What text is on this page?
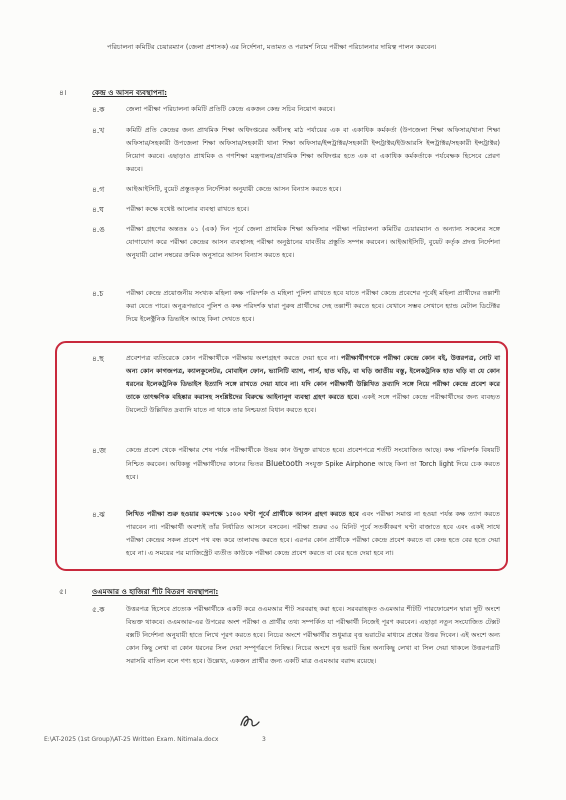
পরিচালনা কমিটির চেয়ারম্যান (জেলা প্রশাসক) এর নির্দেশনা, মতামত ও পরামর্শ নিয়ে পরীক্ষা পরিচালনার দায়িত্ব পালন করবেন।

৪।	কেন্দ্র ও আসন ব্যবস্থাপনা:
৪.ক	জেলা পরীক্ষা পরিচালনা কমিটি প্রতিটি কেন্দ্রে একজন কেন্দ্র সচিব নিয়োগ করবে।

৪.খ	কমিটি প্রতি কেন্দ্রের জন্য প্রাথমিক শিক্ষা অধিদপ্তরের অধীনস্থ মাঠ পর্যায়ের এক বা একাধিক কর্মকর্তা (উপজেলা শিক্ষা অফিসার/থানা শিক্ষা অফিসার/সহকারী উপজেলা শিক্ষা অফিসার/সহকারী থানা শিক্ষা অফিসার/ইন্সট্রাক্টর/সহকারী ইন্সট্রাক্টর/ইউআরসি ইন্সট্রাক্টর/সহকারী ইন্সট্রাক্টর) নিয়োগ করবে। এছাড়াও প্রাথমিক ও গণশিক্ষা মন্ত্রণালয়/প্রাথমিক শিক্ষা অধিদপ্তর হতে এক বা একাধিক কর্মকর্তাকে পর্যবেক্ষক হিসেবে প্রেরণ করবে।

৪.গ	আইআইসিটি, বুয়েট প্রস্তুতকৃত নির্দেশিকা অনুযায়ী কেন্দ্রে আসন বিন্যাস করতে হবে।

৪.ঘ	পরীক্ষা কক্ষে যথেষ্ট আলোর ব্যবস্থা রাখতে হবে।

৪.ঙ	পরীক্ষা গ্রহণের অন্ততঃ ০১ (এক) দিন পূর্বে জেলা প্রাথমিক শিক্ষা অফিসার পরীক্ষা পরিচালনা কমিটির চেয়ারম্যান ও অন্যান্য সকলের সঙ্গে যোগাযোগ করে পরীক্ষা কেন্দ্রের আসন ব্যবস্থাসহ পরীক্ষা অনুষ্ঠানের যাবতীয় প্রস্তুতি সম্পন্ন করবেন। আইআইসিটি, বুয়েট কর্তৃক প্রদত্ত নির্দেশনা অনুযায়ী রোল নম্বরের ক্রমিক অনুসারে আসন বিন্যাস করতে হবে।

৪.চ	পরীক্ষা কেন্দ্রে প্রয়োজনীয় সংখ্যক মহিলা কক্ষ পরিদর্শক ও মহিলা পুলিশ রাখতে হবে যাতে পরীক্ষা কেন্দ্রে প্রবেশের পূর্বেই মহিলা প্রার্থীদের তল্লাশী করা যেতে পারে। অনুরূপভাবে পুলিশ ও কক্ষ পরিদর্শক দ্বারা পুরুষ প্রার্থীদের দেহ তল্লাশী করতে হবে। যেখানে সম্ভব সেখানে হ্যান্ড মেটাল ডিটেক্টর দিয়ে ইলেক্ট্রনিক ডিভাইস আছে কিনা দেখতে হবে।

৪.ছ	প্রবেশপত্র ব্যতিরেকে কোন পরীক্ষার্থীকে পরীক্ষায় অংশগ্রহণ করতে দেয়া হবে না। পরীক্ষার্থীগণকে পরীক্ষা কেন্দ্রে কোন বই, উত্তরপত্র, নোট বা অন্য কোন কাগজপত্র, ক্যালকুলেটর, মোবাইল ফোন, ভ্যানিটি ব্যাগ, পার্স, হাত ঘড়ি, বা ঘড়ি জাতীয় বস্তু, ইলেকট্রনিক হাত ঘড়ি বা যে কোন ধরনের ইলেকট্রনিক ডিভাইস ইত্যাদি সঙ্গে রাখতে দেয়া যাবে না। যদি কোন পরীক্ষার্থী উল্লিখিত দ্রব্যাদি সঙ্গে নিয়ে পরীক্ষা কেন্দ্রে প্রবেশ করে তাকে তাৎক্ষণিক বহিষ্কার করাসহ সংশ্লিষ্টদের বিরুদ্ধে আইনানুগ ব্যবস্থা গ্রহণ করতে হবে। একই সঙ্গে পরীক্ষা কেন্দ্রে পরীক্ষার্থীদের জন্য ব্যবহৃত টয়লেটে উল্লিখিত দ্রব্যাদি যাতে না থাকে তার নিশ্চয়তা বিধান করতে হবে।

৪.জ	কেন্দ্রে প্রবেশ থেকে পরীক্ষার শেষ পর্যন্ত পরীক্ষার্থীকে উভয় কান উন্মুক্ত রাখতে হবে। প্রবেশপত্রে শর্তটি সংযোজিত আছে। কক্ষ পরিদর্শক বিষয়টি নিশ্চিত করবেন। অধিকন্তু পরীক্ষার্থীদের কানের ভিতর Bluetooth সংযুক্ত Spike Airphone আছে কিনা তা Torch light দিয়ে চেক করতে হবে।

৪.ঝ	লিখিত পরীক্ষা শুরু হওয়ার কমপক্ষে ১:০০ ঘণ্টা পূর্বে প্রার্থীকে আসন গ্রহণ করতে হবে এবং পরীক্ষা সমাপ্ত না হওয়া পর্যন্ত কক্ষ ত্যাগ করতে পারবেন না। পরীক্ষার্থী অবশ্যই তাঁর নির্ধারিত আসনে বসবেন। পরীক্ষা শুরুর ৩০ মিনিট পূর্বে সতর্কীকরণ ঘণ্টা বাজাতে হবে এবং একই সাথে পরীক্ষা কেন্দ্রের সকল প্রবেশ পথ বন্ধ করে তালাবদ্ধ করতে হবে। এরপর কোন প্রার্থীকে পরীক্ষা কেন্দ্রে প্রবেশ করতে বা কেন্দ্র হতে বের হতে দেয়া হবে না। এ সময়ের পর ম্যাজিস্ট্রেট ব্যতীত কাউকে পরীক্ষা কেন্দ্রে প্রবেশ করতে বা বের হতে দেয়া হবে না।

৫।	ওএমআর ও হাজিরা শীট বিতরণ ব্যবস্থাপনা:
৫.ক	উত্তরপত্র হিসেবে প্রত্যেক পরীক্ষার্থীকে একটি করে ওএমআর শীট সরবরাহ করা হবে। সরবরাহকৃত ওএমআর শীটটি পারফোরেশন দ্বারা দুটি অংশে বিভক্ত থাকবে। ওএমআর-এর উপরের অংশ পরীক্ষা ও প্রার্থীর তথ্য সম্পর্কিত যা পরীক্ষার্থী নিজেই পূরণ করবেন। এছাড়া নতুন সংযোজিত টেক্সট বক্সটি নির্দেশনা অনুযায়ী হাতে লিখে পূরণ করতে হবে। নিচের অংশে পরীক্ষার্থীর শুধুমাত্র বৃত্ত ভরাটের মাধ্যমে প্রশ্নের উত্তর দিবেন। এই অংশে অন্য কোন কিছু লেখা বা কোন ধরনের সিল দেয়া সম্পূর্ণরূপে নিষিদ্ধ। নিচের অংশে বৃত্ত ভরাট ভিন্ন অন্যকিছু লেখা বা সিল দেয়া থাকলে উত্তরপত্রটি সরাসরি বাতিল বলে গণ্য হবে। উল্লেখ্য, একজন প্রার্থীর জন্য একটি মাত্র ওএমআর বরাদ্দ রয়েছে।

E:\AT-2025 (1st Group)\AT-25 Written Exam. Nitimala.docx	3
